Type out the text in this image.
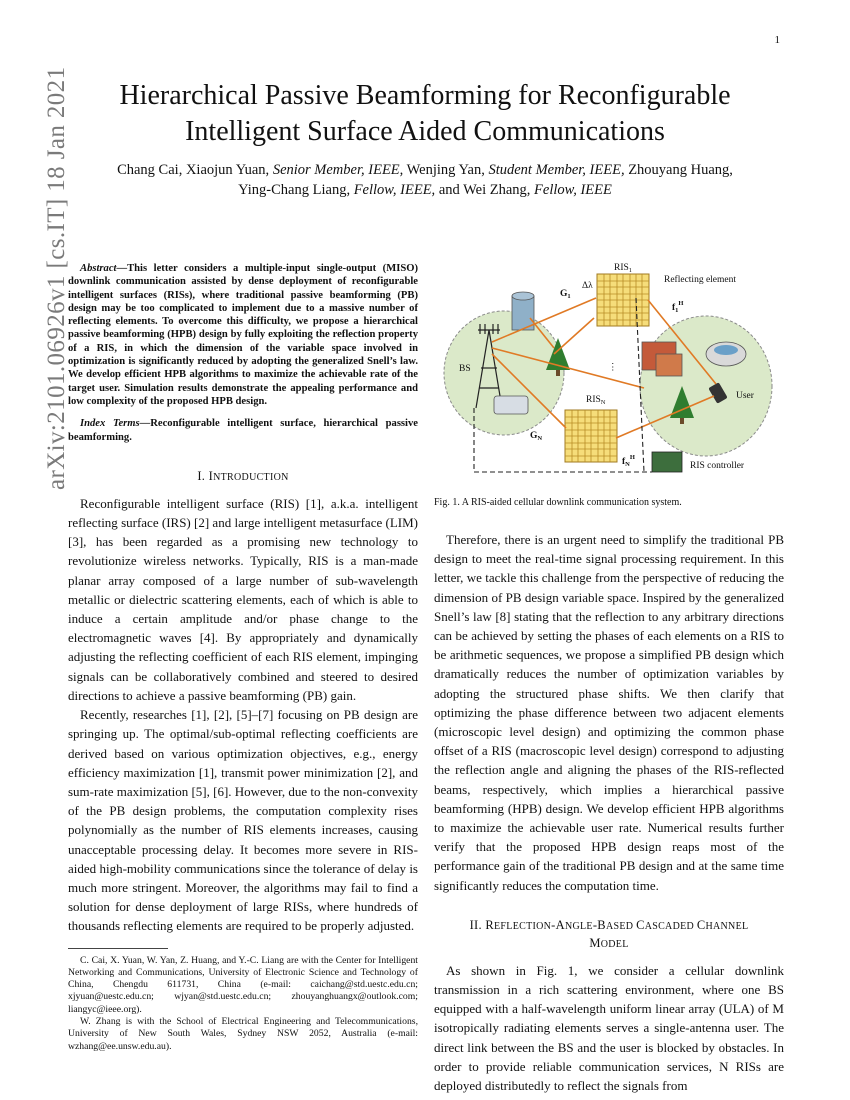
1
arXiv:2101.06926v1 [cs.IT] 18 Jan 2021	Hierarchical Passive Beamforming for Reconfigurable
Intelligent Surface Aided Communications
Chang Cai, Xiaojun Yuan, Senior Member, IEEE, Wenjing Yan, Student Member, IEEE, Zhouyang Huang,
Ying-Chang Liang, Fellow, IEEE, and Wei Zhang, Fellow, IEEE

Abstract—This letter considers a multiple-input single-output (MISO) downlink communication assisted by dense deployment of reconfigurable intelligent surfaces (RISs), where traditional passive beamforming (PB) design may be too complicated to implement due to a massive number of reflecting elements. To overcome this difficulty, we propose a hierarchical passive beamforming (HPB) design by fully exploiting the reflection property of a RIS, in which the dimension of the variable space involved in optimization is significantly reduced by adopting the generalized Snell’s law. We develop efficient HPB algorithms to maximize the achievable rate of the target user. Simulation results demonstrate the appealing performance and low complexity of the proposed HPB design.

Index Terms—Reconfigurable intelligent surface, hierarchical passive beamforming.

I. INTRODUCTION

Reconfigurable intelligent surface (RIS) [1], a.k.a. intelligent reflecting surface (IRS) [2] and large intelligent metasurface (LIM) [3], has been regarded as a promising new technology to revolutionize wireless networks. Typically, RIS is a man-made planar array composed of a large number of sub-wavelength metallic or dielectric scattering elements, each of which is able to induce a certain amplitude and/or phase change to the electromagnetic waves [4]. By appropriately and dynamically adjusting the reflecting coefficient of each RIS element, impinging signals can be collaboratively combined and steered to desired directions to achieve a passive beamforming (PB) gain.

Recently, researches [1], [2], [5]–[7] focusing on PB design are springing up. The optimal/sub-optimal reflecting coefficients are derived based on various optimization objectives, e.g., energy efficiency maximization [1], transmit power minimization [2], and sum-rate maximization [5], [6]. However, due to the non-convexity of the PB design problems, the computation complexity rises polynomially as the number of RIS elements increases, causing unacceptable processing delay. It becomes more severe in RIS-aided high-mobility communications since the tolerance of delay is much more stringent. Moreover, the algorithms may fail to find a solution for dense deployment of large RISs, where hundreds of thousands reflecting elements are required to be properly adjusted.

C. Cai, X. Yuan, W. Yan, Z. Huang, and Y.-C. Liang are with the Center for Intelligent Networking and Communications, University of Electronic Science and Technology of China, Chengdu 611731, China (e-mail: caichang@std.uestc.edu.cn; xjyuan@uestc.edu.cn; wjyan@std.uestc.edu.cn; zhouyanghuangx@outlook.com; liangyc@ieee.org).

W. Zhang is with the School of Electrical Engineering and Telecommunications, University of New South Wales, Sydney NSW 2052, Australia (e-mail: wzhang@ee.unsw.edu.au).

BS
User
$RIS_1$
$RIS_N$
Reflecting element
RIS controller
$G_1$
$G_N$
$f_1^H$
$f_N^H$
Δλ
⋮
Fig. 1. A RIS-aided cellular downlink communication system.

Therefore, there is an urgent need to simplify the traditional PB design to meet the real-time signal processing requirement. In this letter, we tackle this challenge from the perspective of reducing the dimension of PB design variable space. Inspired by the generalized Snell’s law [8] stating that the reflection to any arbitrary directions can be achieved by setting the phases of each elements on a RIS to be arithmetic sequences, we propose a simplified PB design which dramatically reduces the number of optimization variables by adopting the structured phase shifts. We then clarify that optimizing the phase difference between two adjacent elements (microscopic level design) and optimizing the common phase offset of a RIS (macroscopic level design) correspond to adjusting the reflection angle and aligning the phases of the RIS-reflected beams, respectively, which implies a hierarchical passive beamforming (HPB) design. We develop efficient HPB algorithms to maximize the achievable user rate. Numerical results further verify that the proposed HPB design reaps most of the performance gain of the traditional PB design and at the same time significantly reduces the computation time.

II. REFLECTION-ANGLE-BASED CASCADED CHANNEL
MODEL

As shown in Fig. 1, we consider a cellular downlink transmission in a rich scattering environment, where one BS equipped with a half-wavelength uniform linear array (ULA) of M isotropically radiating elements serves a single-antenna user. The direct link between the BS and the user is blocked by obstacles. In order to provide reliable communication services, N RISs are deployed distributedly to reflect the signals from
